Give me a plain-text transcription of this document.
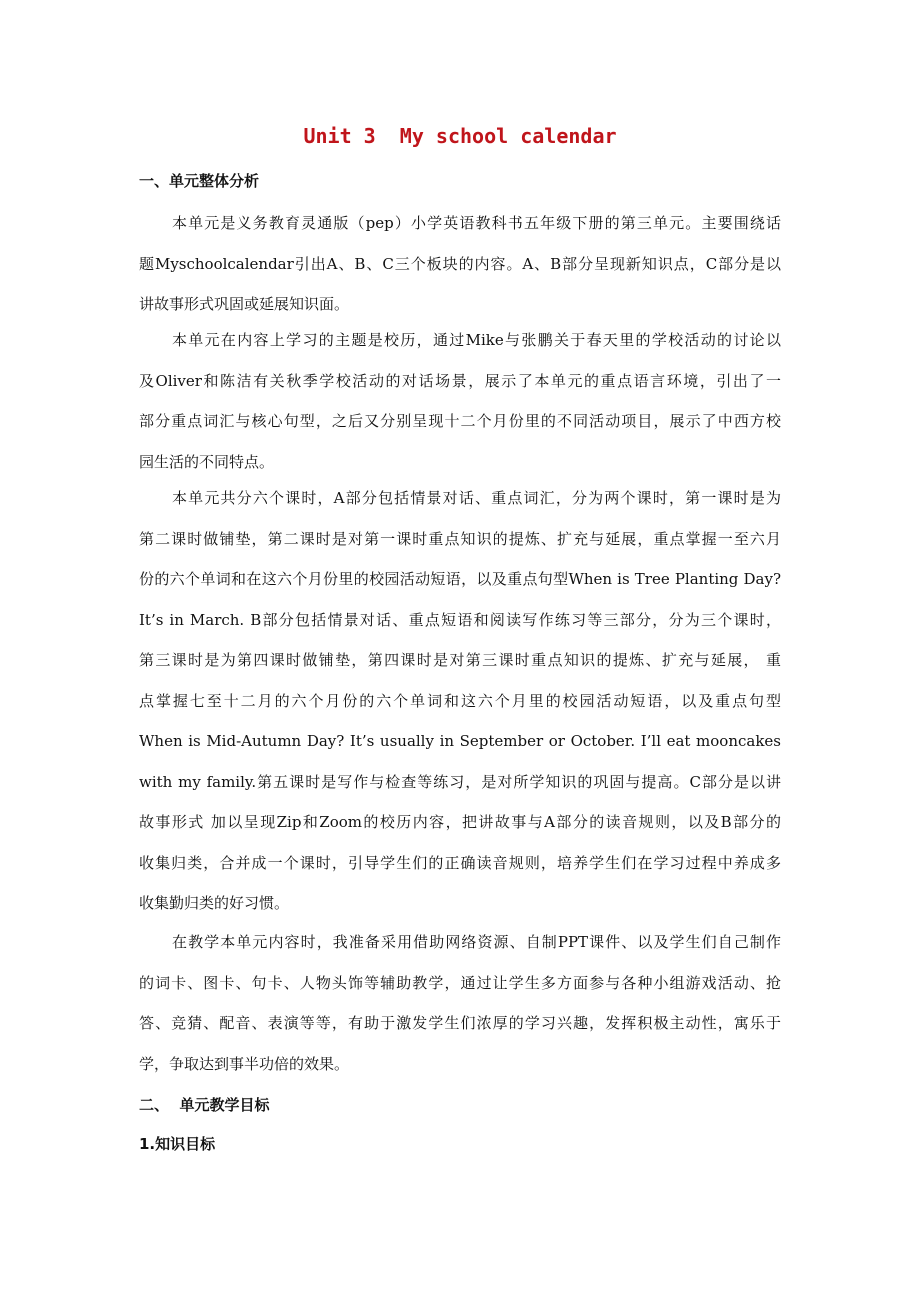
Unit 3  My school calendar
一、单元整体分析
本单元是义务教育灵通版（pep）小学英语教科书五年级下册的第三单元。主要围绕话
题Myschoolcalendar引出A、B、C三个板块的内容。A、B部分呈现新知识点，C部分是以
讲故事形式巩固或延展知识面。
本单元在内容上学习的主题是校历，通过Mike与张鹏关于春天里的学校活动的讨论以
及Oliver和陈洁有关秋季学校活动的对话场景，展示了本单元的重点语言环境，引出了一
部分重点词汇与核心句型，之后又分别呈现十二个月份里的不同活动项目，展示了中西方校
园生活的不同特点。
本单元共分六个课时，A部分包括情景对话、重点词汇，分为两个课时，第一课时是为
第二课时做铺垫，第二课时是对第一课时重点知识的提炼、扩充与延展，重点掌握一至六月
份的六个单词和在这六个月份里的校园活动短语，以及重点句型When is Tree Planting Day?
It’s in March. B部分包括情景对话、重点短语和阅读写作练习等三部分，分为三个课时，
第三课时是为第四课时做铺垫，第四课时是对第三课时重点知识的提炼、扩充与延展， 重
点掌握七至十二月的六个月份的六个单词和这六个月里的校园活动短语，以及重点句型
When is Mid-Autumn Day? It’s usually in September or October. I’ll eat mooncakes
with my family.第五课时是写作与检查等练习，是对所学知识的巩固与提高。C部分是以讲
故事形式 加以呈现Zip和Zoom的校历内容，把讲故事与A部分的读音规则，以及B部分的
收集归类，合并成一个课时，引导学生们的正确读音规则，培养学生们在学习过程中养成多
收集勤归类的好习惯。
在教学本单元内容时，我准备采用借助网络资源、自制PPT课件、以及学生们自己制作
的词卡、图卡、句卡、人物头饰等辅助教学，通过让学生多方面参与各种小组游戏活动、抢
答、竞猜、配音、表演等等，有助于激发学生们浓厚的学习兴趣，发挥积极主动性，寓乐于
学，争取达到事半功倍的效果。
二、  单元教学目标
1.知识目标
